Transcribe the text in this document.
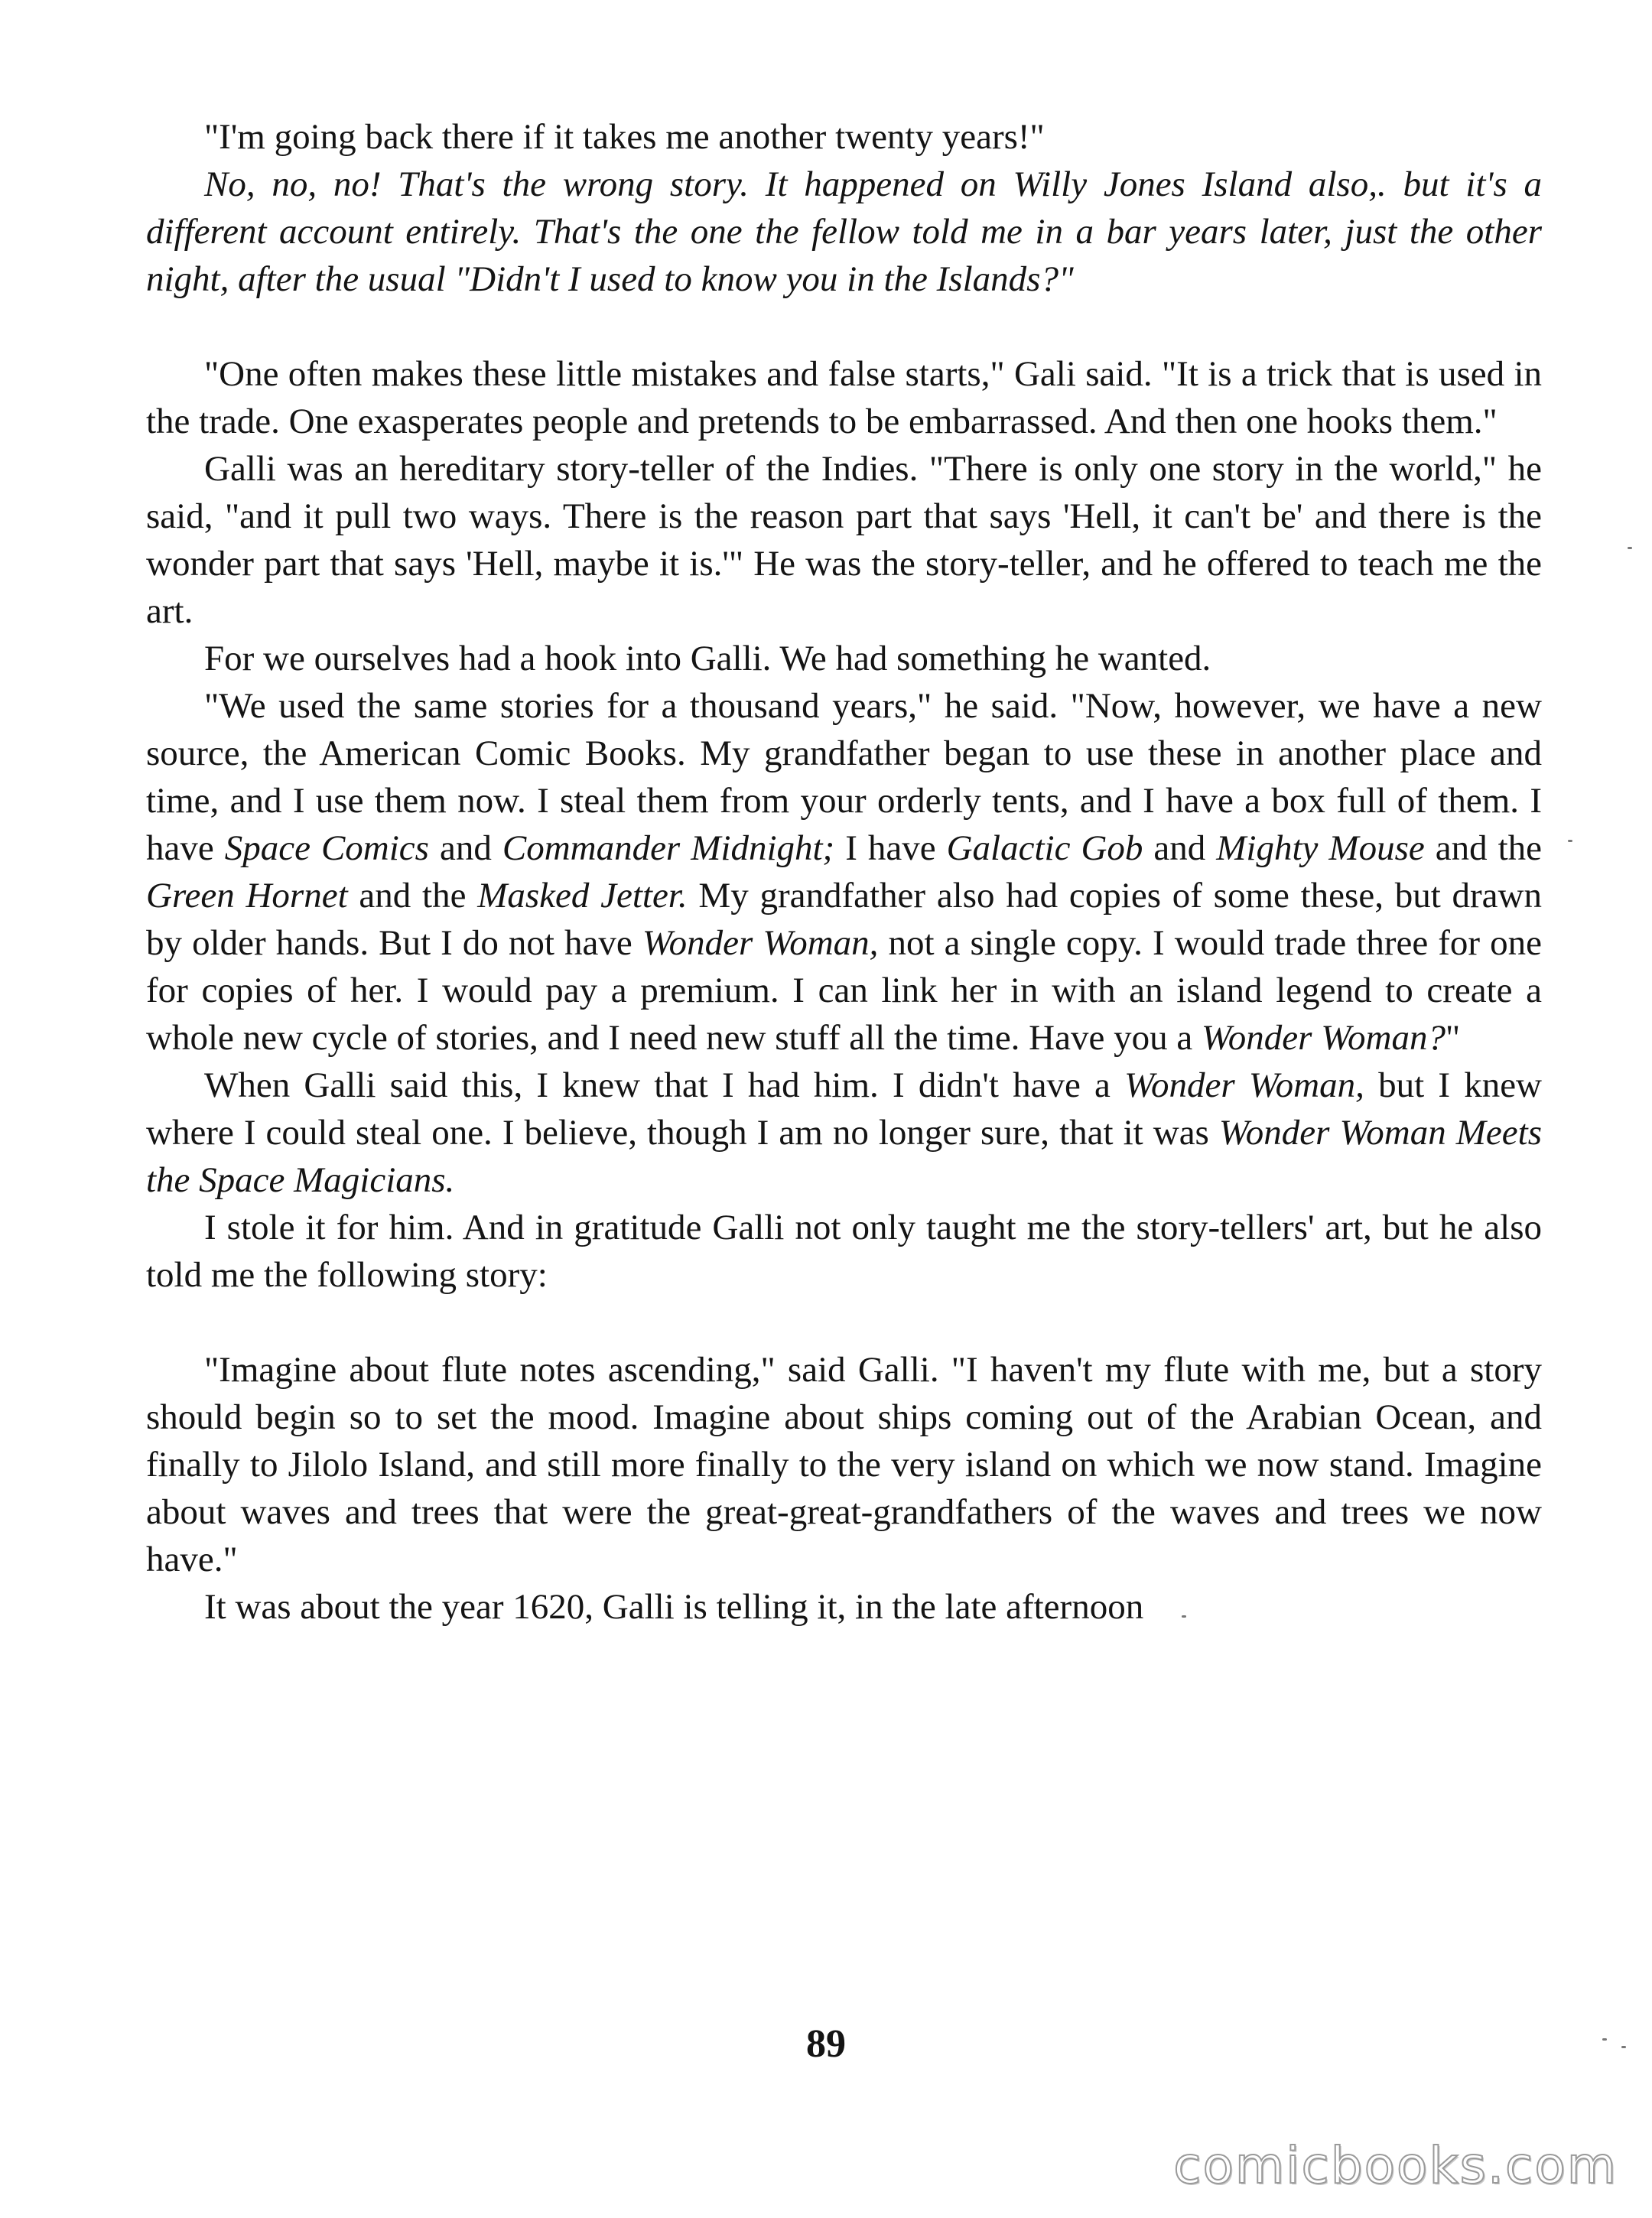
"I'm going back there if it takes me another twenty years!"

No, no, no! That's the wrong story. It happened on Willy Jones Island also,. but it's a different account entirely. That's the one the fellow told me in a bar years later, just the other night, after the usual "Didn't I used to know you in the Islands?"

"One often makes these little mistakes and false starts," Gali said. "It is a trick that is used in the trade. One exasperates people and pretends to be embarrassed. And then one hooks them."

Galli was an hereditary story-teller of the Indies. "There is only one story in the world," he said, "and it pull two ways. There is the reason part that says 'Hell, it can't be' and there is the wonder part that says 'Hell, maybe it is.'" He was the story-teller, and he offered to teach me the art.

For we ourselves had a hook into Galli. We had something he wanted.

"We used the same stories for a thousand years," he said. "Now, however, we have a new source, the American Comic Books. My grandfather began to use these in another place and time, and I use them now. I steal them from your orderly tents, and I have a box full of them. I have Space Comics and Commander Midnight; I have Galactic Gob and Mighty Mouse and the Green Hornet and the Masked Jetter. My grandfather also had copies of some these, but drawn by older hands. But I do not have Wonder Woman, not a single copy. I would trade three for one for copies of her. I would pay a premium. I can link her in with an island legend to create a whole new cycle of stories, and I need new stuff all the time. Have you a Wonder Woman?"

When Galli said this, I knew that I had him. I didn't have a Wonder Woman, but I knew where I could steal one. I believe, though I am no longer sure, that it was Wonder Woman Meets the Space Magicians.

I stole it for him. And in gratitude Galli not only taught me the story-tellers' art, but he also told me the following story:

"Imagine about flute notes ascending," said Galli. "I haven't my flute with me, but a story should begin so to set the mood. Imagine about ships coming out of the Arabian Ocean, and finally to Jilolo Island, and still more finally to the very island on which we now stand. Imagine about waves and trees that were the great-great-grandfathers of the waves and trees we now have."

It was about the year 1620, Galli is telling it, in the late afternoon

89
comicbooks.com
